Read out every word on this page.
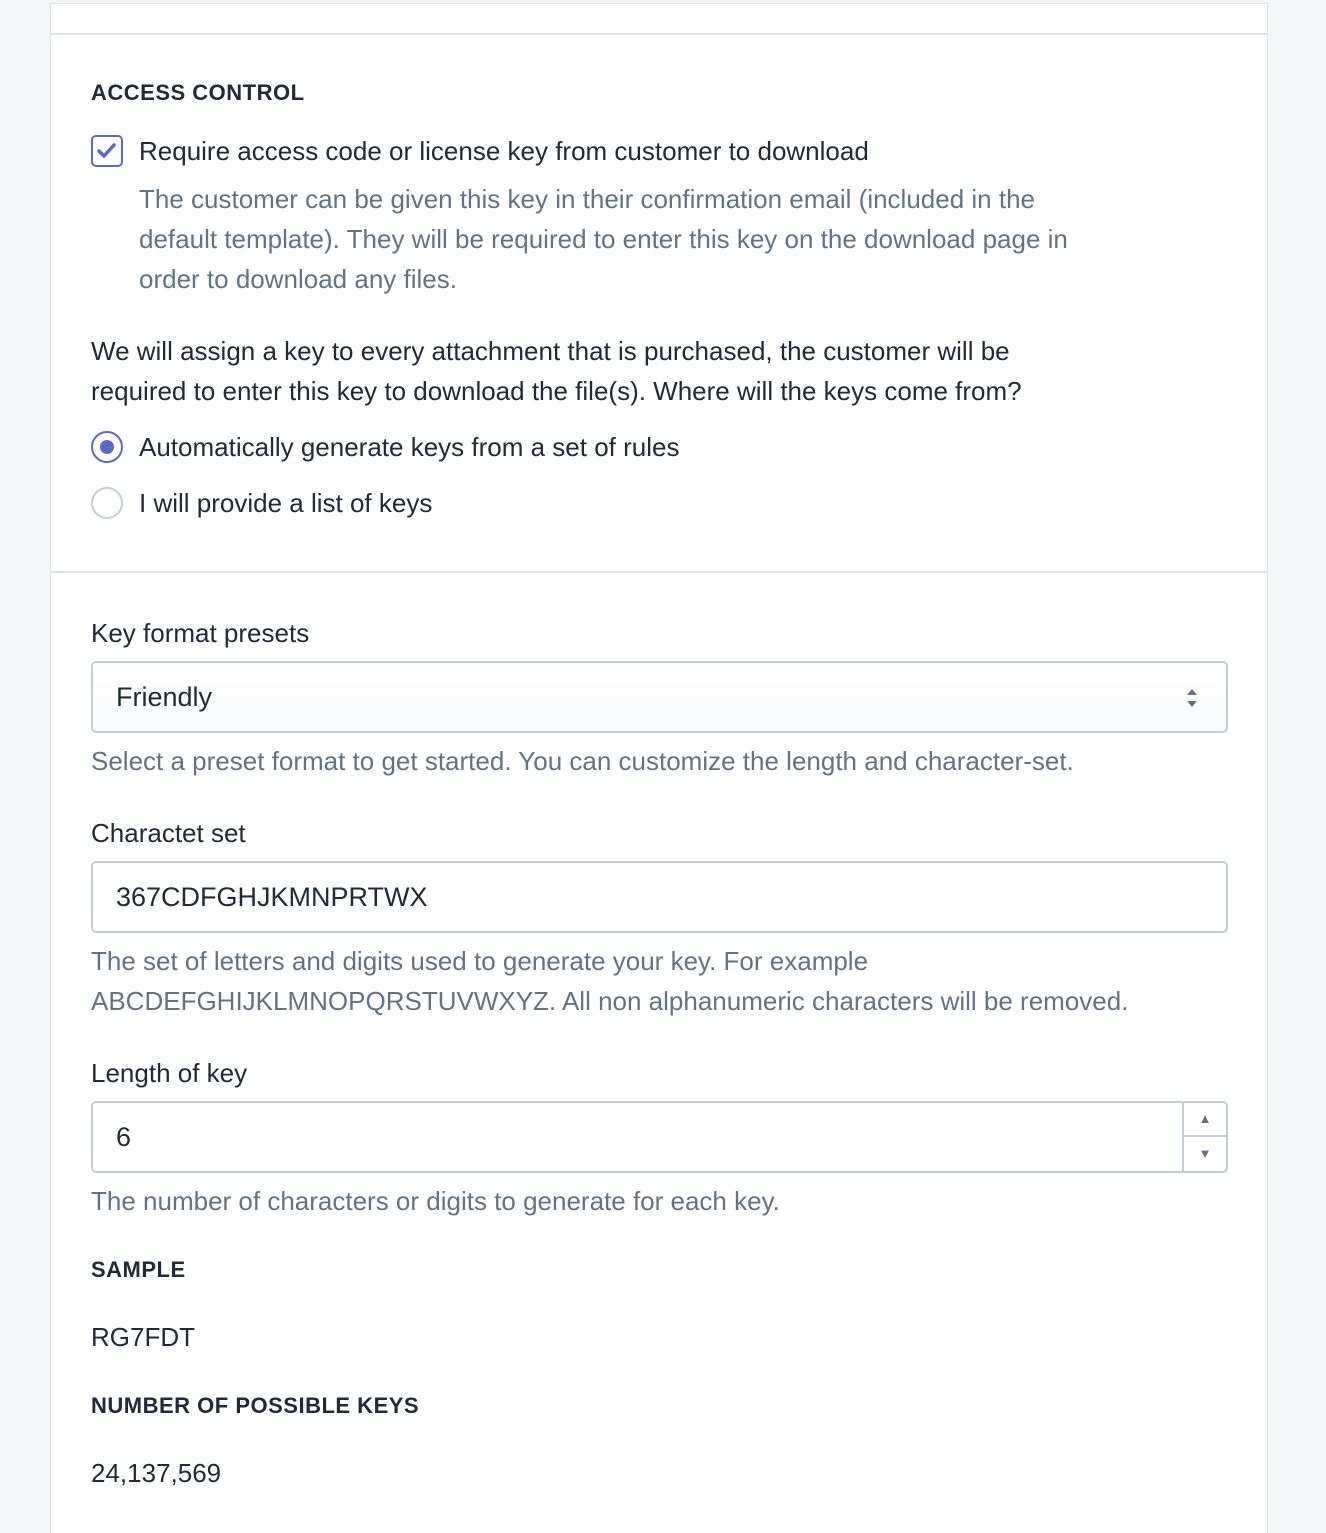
ACCESS CONTROL
Require access code or license key from customer to download
The customer can be given this key in their confirmation email (included in the
default template). They will be required to enter this key on the download page in
order to download any files.
We will assign a key to every attachment that is purchased, the customer will be
required to enter this key to download the file(s). Where will the keys come from?
Automatically generate keys from a set of rules
I will provide a list of keys
Key format presets
Friendly
Select a preset format to get started. You can customize the length and character-set.
Charactet set
367CDFGHJKMNPRTWX
The set of letters and digits used to generate your key. For example
ABCDEFGHIJKLMNOPQRSTUVWXYZ. All non alphanumeric characters will be removed.
Length of key
6
▲
▼
The number of characters or digits to generate for each key.
SAMPLE
RG7FDT
NUMBER OF POSSIBLE KEYS
24,137,569
